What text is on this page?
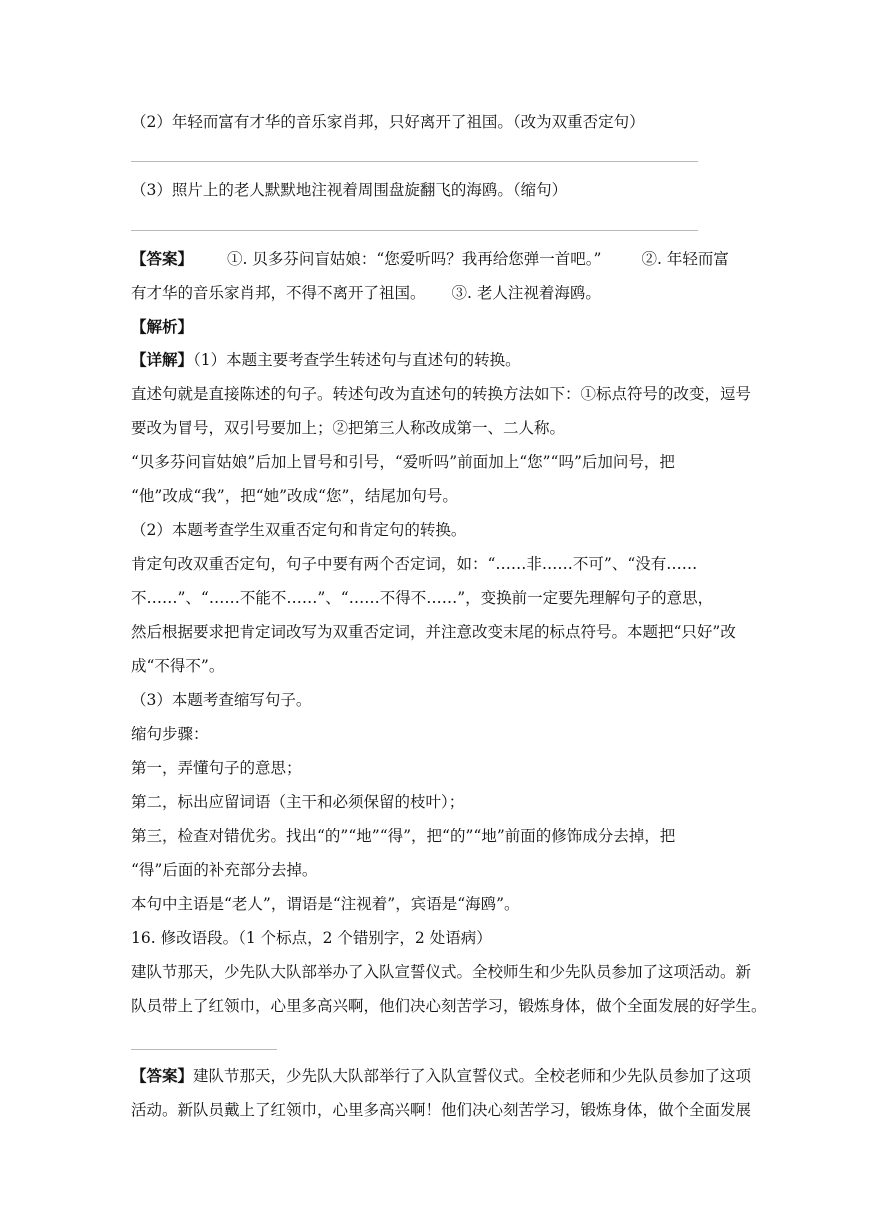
（2）年轻而富有才华的音乐家肖邦，只好离开了祖国。（改为双重否定句）
（3）照片上的老人默默地注视着周围盘旋翻飞的海鸥。（缩句）
【答案】 ①. 贝多芬问盲姑娘：“您爱听吗？我再给您弹一首吧。”	②. 年轻而富
有才华的音乐家肖邦，不得不离开了祖国。 ③. 老人注视着海鸥。
【解析】
【详解】（1）本题主要考查学生转述句与直述句的转换。
直述句就是直接陈述的句子。转述句改为直述句的转换方法如下：①标点符号的改变，逗号
要改为冒号，双引号要加上；②把第三人称改成第一、二人称。
“贝多芬问盲姑娘”后加上冒号和引号，“爱听吗”前面加上“您”“吗”后加问号，把
“他”改成“我”，把“她”改成“您”，结尾加句号。
（2）本题考查学生双重否定句和肯定句的转换。
肯定句改双重否定句，句子中要有两个否定词，如：“……非……不可”、“没有……
不……”、“……不能不……”、“……不得不……”，变换前一定要先理解句子的意思，
然后根据要求把肯定词改写为双重否定词，并注意改变末尾的标点符号。本题把“只好”改
成“不得不”。
（3）本题考查缩写句子。
缩句步骤：
第一，弄懂句子的意思；
第二，标出应留词语（主干和必须保留的枝叶）；
第三，检查对错优劣。找出“的”“地”“得”，把“的”“地”前面的修饰成分去掉，把
“得”后面的补充部分去掉。
本句中主语是“老人”，谓语是“注视着”，宾语是“海鸥”。
16. 修改语段。（1 个标点，2 个错别字，2 处语病）
建队节那天，少先队大队部举办了入队宣誓仪式。全校师生和少先队员参加了这项活动。新
队员带上了红领巾，心里多高兴啊，他们决心刻苦学习，锻炼身体，做个全面发展的好学生。
【答案】建队节那天，少先队大队部举行了入队宣誓仪式。全校老师和少先队员参加了这项
活动。新队员戴上了红领巾，心里多高兴啊！他们决心刻苦学习，锻炼身体，做个全面发展
